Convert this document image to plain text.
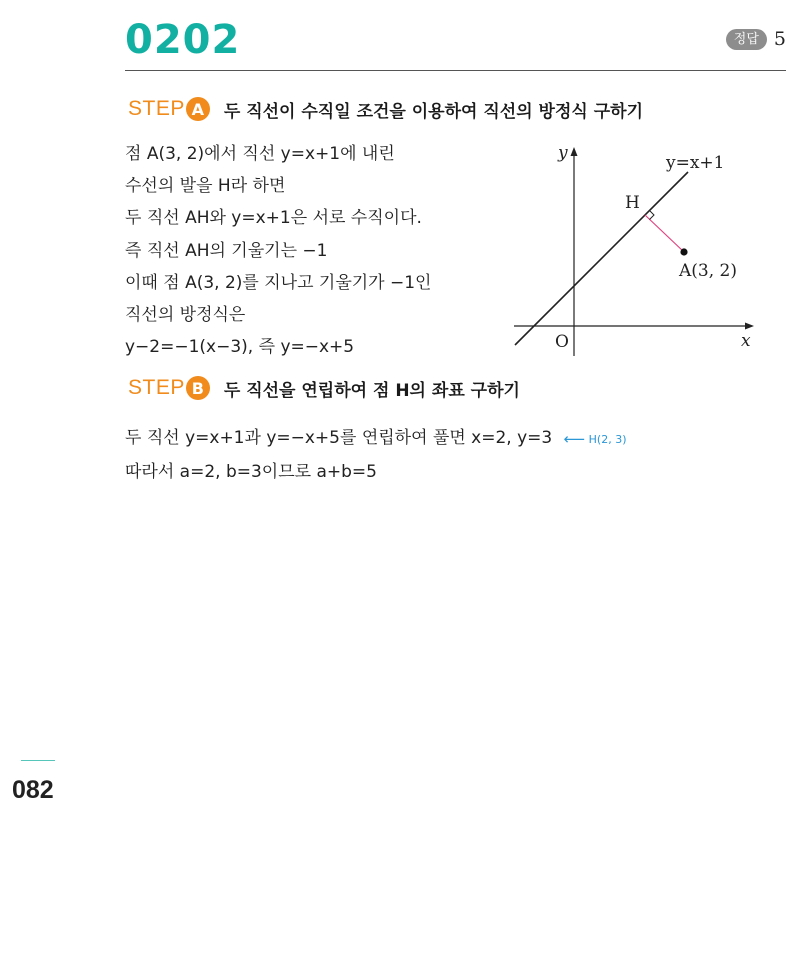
0202	정답 5
STEP A	두 직선이 수직일 조건을 이용하여 직선의 방정식 구하기
점 A(3, 2)에서 직선 y=x+1에 내린
수선의 발을 H라 하면
두 직선 AH와 y=x+1은 서로 수직이다.
즉 직선 AH의 기울기는 −1
이때 점 A(3, 2)를 지나고 기울기가 −1인
직선의 방정식은
y−2=−1(x−3), 즉 y=−x+5
y
x
O
y=x+1
H
A(3, 2)
STEP B	두 직선을 연립하여 점 H의 좌표 구하기
두 직선 y=x+1과 y=−x+5를 연립하여 풀면 x=2, y=3 ⟵ H(2, 3)
따라서 a=2, b=3이므로 a+b=5
082
